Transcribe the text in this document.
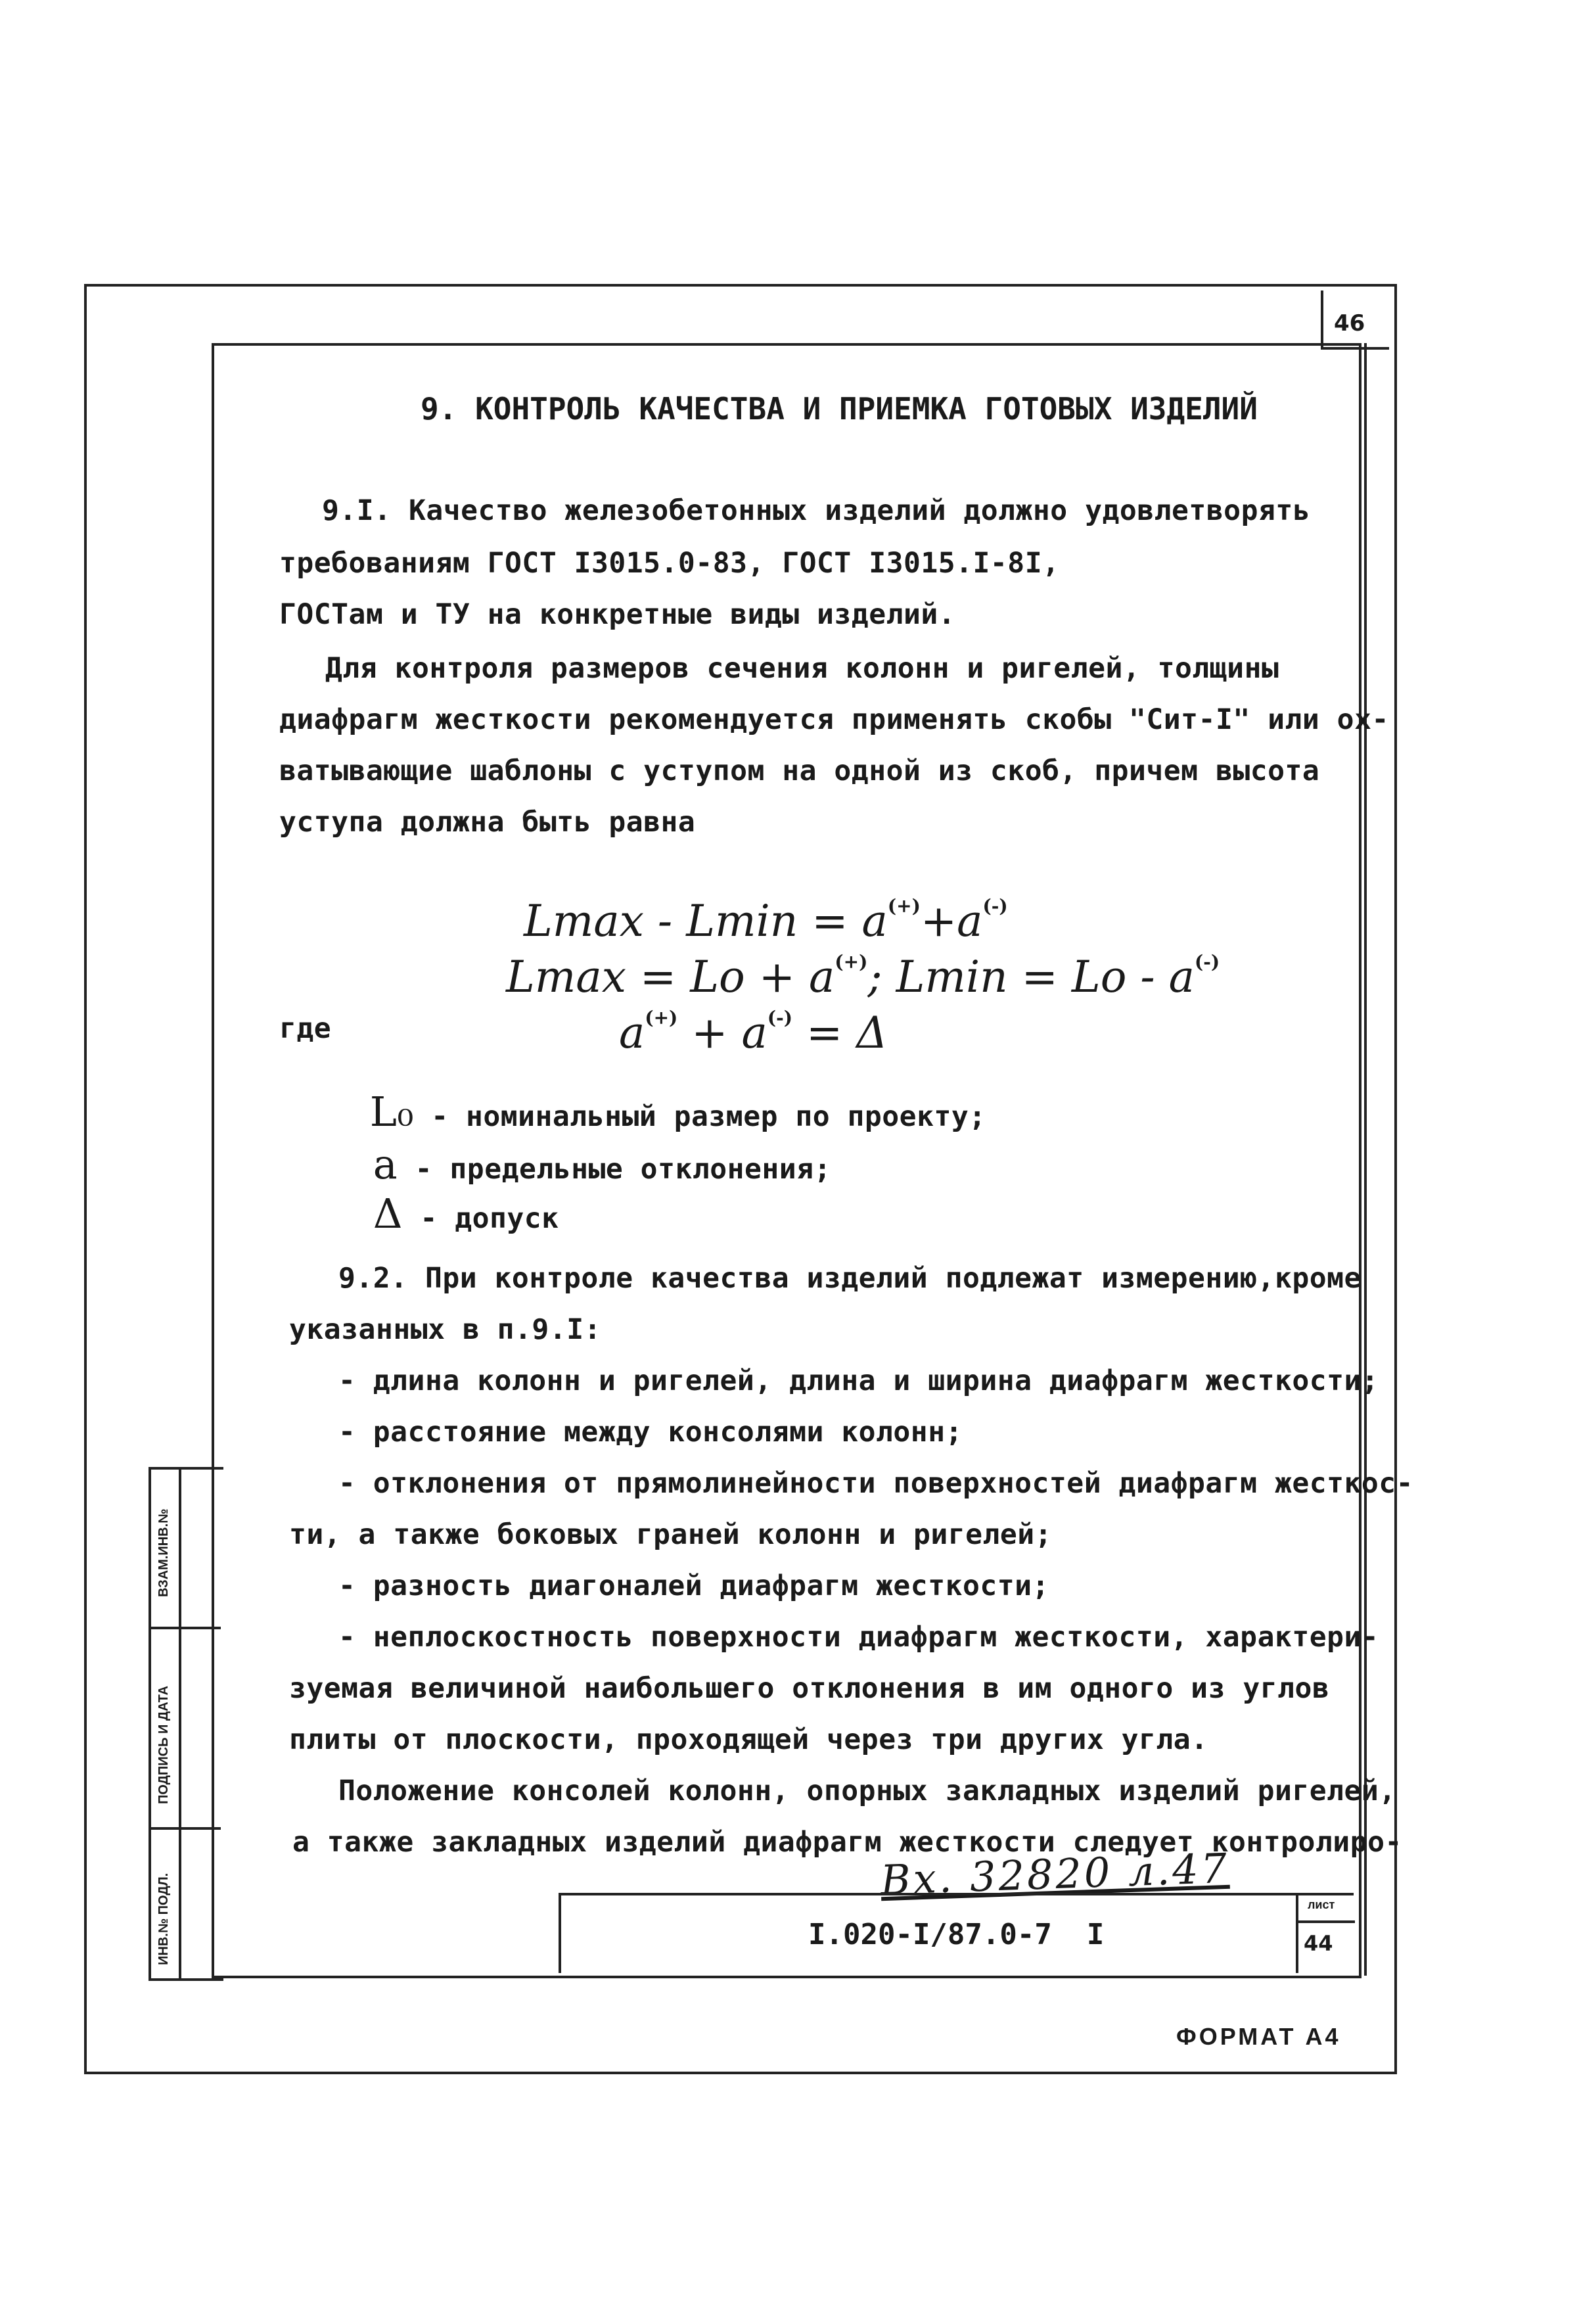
46
9. КОНТРОЛЬ КАЧЕСТВА И ПРИЕМКА ГОТОВЫХ ИЗДЕЛИЙ
9.I. Качество железобетонных изделий должно удовлетворять
требованиям ГОСТ I3015.0-83, ГОСТ I3015.I-8I,
ГОСТам и ТУ на конкретные виды изделий.
Для контроля размеров сечения колонн и ригелей, толщины
диафрагм жесткости рекомендуется применять скобы "Сит-I" или ох-
ватывающие шаблоны с уступом на одной из скоб, причем высота
уступа должна быть равна

Lmax - Lmin = a(+)+a(-)

Lmax = Lo + a(+); Lmin = Lo - a(-)

a(+) + a(-) = Δ

где

L₀ - номинальный размер по проекту;

a - предельные отклонения;

Δ - допуск

9.2. При контроле качества изделий подлежат измерению,кроме
указанных в п.9.I:
- длина колонн и ригелей, длина и ширина диафрагм жесткости;
- расстояние между консолями колонн;
- отклонения от прямолинейности поверхностей диафрагм жесткос-
ти, а также боковых граней колонн и ригелей;
- разность диагоналей диафрагм жесткости;
- неплоскостность поверхности диафрагм жесткости, характери-
зуемая величиной наибольшего отклонения в им одного из углов
плиты от плоскости, проходящей через три других угла.
Положение консолей колонн, опорных закладных изделий ригелей,
а также закладных изделий диафрагм жесткости следует контролиро-
Вх. 32820 л.47
I.020-I/87.0-7  I
лист
44
ВЗАМ.ИНВ.№
ПОДПИСЬ И ДАТА
ИНВ.№ ПОДЛ.
ФОРМАТ А4
